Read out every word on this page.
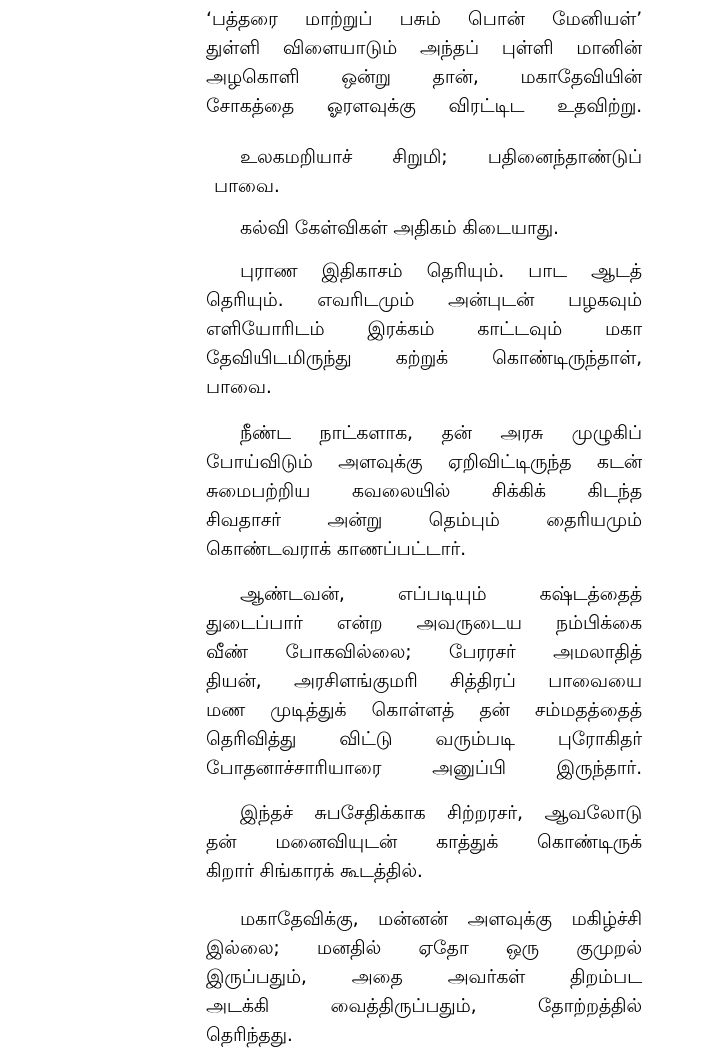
‘பத்தரை மாற்றுப் பசும் பொன் மேனியள்’
துள்ளி விளையாடும் அந்தப் புள்ளி மானின்
அழகொளி ஒன்று தான், மகாதேவியின்
சோகத்தை ஓரளவுக்கு விரட்டிட உதவிற்று.
உலகமறியாச் சிறுமி; பதினைந்தாண்டுப்
பாவை.
கல்வி கேள்விகள் அதிகம் கிடையாது.
புராண இதிகாசம் தெரியும். பாட ஆடத்
தெரியும். எவரிடமும் அன்புடன் பழகவும்
எளியோரிடம் இரக்கம் காட்டவும் மகா
தேவியிடமிருந்து கற்றுக் கொண்டிருந்தாள்,
பாவை.
நீண்ட நாட்களாக, தன் அரசு முழுகிப்
போய்விடும் அளவுக்கு ஏறிவிட்டிருந்த கடன்
சுமைபற்றிய கவலையில் சிக்கிக் கிடந்த
சிவதாசர் அன்று தெம்பும் தைரியமும்
கொண்டவராக் காணப்பட்டார்.
ஆண்டவன், எப்படியும் கஷ்டத்தைத்
துடைப்பார் என்ற அவருடைய நம்பிக்கை
வீண் போகவில்லை; பேரரசர் அமலாதித்
தியன், அரசிளங்குமரி சித்திரப் பாவையை
மண முடித்துக் கொள்ளத் தன் சம்மதத்தைத்
தெரிவித்து விட்டு வரும்படி புரோகிதர்
போதனாச்சாரியாரை அனுப்பி இருந்தார்.
இந்தச் சுபசேதிக்காக சிற்றரசர், ஆவலோடு
தன் மனைவியுடன் காத்துக் கொண்டிருக்
கிறார் சிங்காரக் கூடத்தில்.
மகாதேவிக்கு, மன்னன் அளவுக்கு மகிழ்ச்சி
இல்லை; மனதில் ஏதோ ஒரு குமுறல்
இருப்பதும், அதை அவர்கள் திறம்பட
அடக்கி வைத்திருப்பதும், தோற்றத்தில்
தெரிந்தது.
